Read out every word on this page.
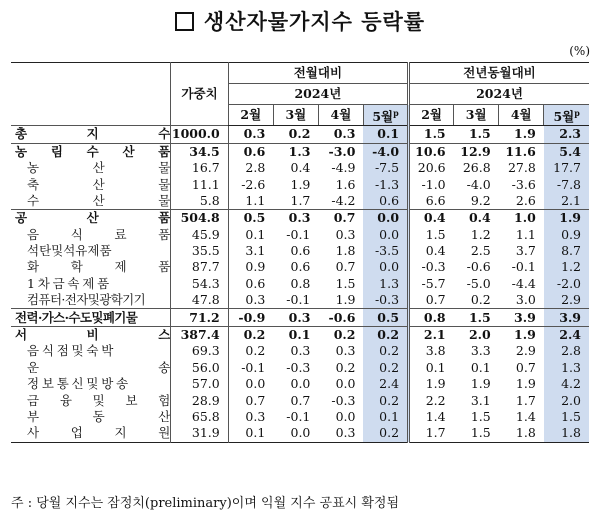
생산자물가지수 등락률
(%)
	가중치	전월대비				전년동월대비			
		2024년				2024년			
		2월	3월	4월	5월$^p$	2월	3월	4월	5월$^p$

총 지 수	1000.0	0.3	0.2	0.3	0.1	1.5	1.5	1.9	2.3

농 림 수 산 품	34.5	0.6	1.3	-3.0	-4.0	10.6	12.9	11.6	5.4

농 산 물	16.7	2.8	0.4	-4.9	-7.5	20.6	26.8	27.8	17.7

축 산 물	11.1	-2.6	1.9	1.6	-1.3	-1.0	-4.0	-3.6	-7.8

수 산 물	5.8	1.1	1.7	-4.2	0.6	6.6	9.2	2.6	2.1

공 산 품	504.8	0.5	0.3	0.7	0.0	0.4	0.4	1.0	1.9

음 식 료 품	45.9	0.1	-0.1	0.3	0.0	1.5	1.2	1.1	0.9

석탄및석유제품	35.5	3.1	0.6	1.8	-3.5	0.4	2.5	3.7	8.7

화 학 제 품	87.7	0.9	0.6	0.7	0.0	-0.3	-0.6	-0.1	1.2

1 차 금 속 제 품	54.3	0.6	0.8	1.5	1.3	-5.7	-5.0	-4.4	-2.0

컴퓨터·전자및광학기기	47.8	0.3	-0.1	1.9	-0.3	0.7	0.2	3.0	2.9

전력·가스·수도및폐기물	71.2	-0.9	0.3	-0.6	0.5	0.8	1.5	3.9	3.9

서 비 스	387.4	0.2	0.1	0.2	0.2	2.1	2.0	1.9	2.4

음 식 점 및 숙 박	69.3	0.2	0.3	0.3	0.2	3.8	3.3	2.9	2.8

운 송	56.0	-0.1	-0.3	0.2	0.2	0.1	0.1	0.7	1.3

정 보 통 신 및 방 송	57.0	0.0	0.0	0.0	2.4	1.9	1.9	1.9	4.2

금 융 및 보 험	28.9	0.7	0.7	-0.3	0.2	2.2	3.1	1.7	2.0

부 동 산	65.8	0.3	-0.1	0.0	0.1	1.4	1.5	1.4	1.5

사 업 지 원	31.9	0.1	0.0	0.3	0.2	1.7	1.5	1.8	1.8
주 : 당월 지수는 잠정치(preliminary)이며 익월 지수 공표시 확정됨
